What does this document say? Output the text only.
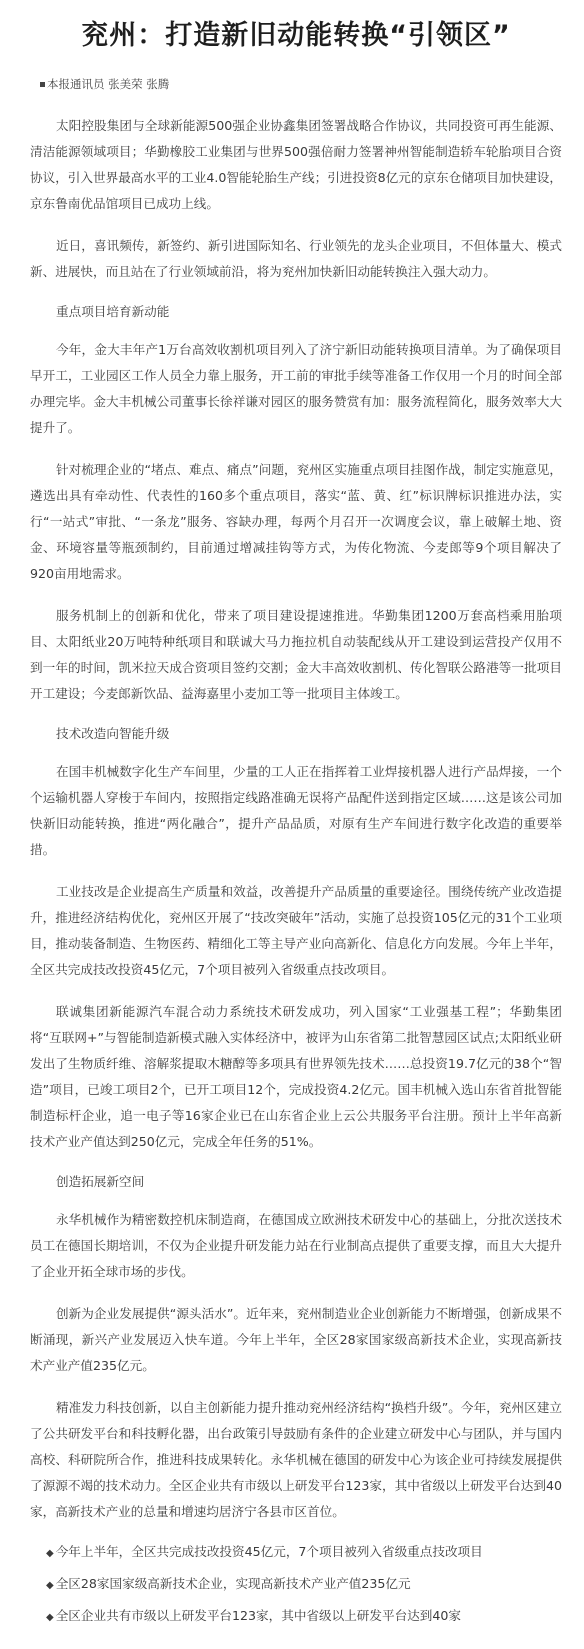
兖州：打造新旧动能转换“引领区”
本报通讯员 张美荣 张腾

太阳控股集团与全球新能源500强企业协鑫集团签署战略合作协议，共同投资可再生能源、清洁能源领域项目；华勤橡胶工业集团与世界500强倍耐力签署神州智能制造轿车轮胎项目合资协议，引入世界最高水平的工业4.0智能轮胎生产线；引进投资8亿元的京东仓储项目加快建设，京东鲁南优品馆项目已成功上线。

近日，喜讯频传，新签约、新引进国际知名、行业领先的龙头企业项目，不但体量大、模式新、进展快，而且站在了行业领域前沿，将为兖州加快新旧动能转换注入强大动力。

重点项目培育新动能

今年，金大丰年产1万台高效收割机项目列入了济宁新旧动能转换项目清单。为了确保项目早开工，工业园区工作人员全力靠上服务，开工前的审批手续等准备工作仅用一个月的时间全部办理完毕。金大丰机械公司董事长徐祥谦对园区的服务赞赏有加：服务流程简化，服务效率大大提升了。

针对梳理企业的“堵点、难点、痛点”问题，兖州区实施重点项目挂图作战，制定实施意见，遴选出具有牵动性、代表性的160多个重点项目，落实“蓝、黄、红”标识牌标识推进办法，实行“一站式”审批、“一条龙”服务、容缺办理，每两个月召开一次调度会议，靠上破解土地、资金、环境容量等瓶颈制约，目前通过增减挂钩等方式，为传化物流、今麦郎等9个项目解决了920亩用地需求。

服务机制上的创新和优化，带来了项目建设提速推进。华勤集团1200万套高档乘用胎项目、太阳纸业20万吨特种纸项目和联诚大马力拖拉机自动装配线从开工建设到运营投产仅用不到一年的时间，凯米拉天成合资项目签约交割；金大丰高效收割机、传化智联公路港等一批项目开工建设；今麦郎新饮品、益海嘉里小麦加工等一批项目主体竣工。

技术改造向智能升级

在国丰机械数字化生产车间里，少量的工人正在指挥着工业焊接机器人进行产品焊接，一个个运输机器人穿梭于车间内，按照指定线路准确无误将产品配件送到指定区域……这是该公司加快新旧动能转换，推进“两化融合”，提升产品品质，对原有生产车间进行数字化改造的重要举措。

工业技改是企业提高生产质量和效益，改善提升产品质量的重要途径。围绕传统产业改造提升，推进经济结构优化，兖州区开展了“技改突破年”活动，实施了总投资105亿元的31个工业项目，推动装备制造、生物医药、精细化工等主导产业向高新化、信息化方向发展。今年上半年，全区共完成技改投资45亿元，7个项目被列入省级重点技改项目。

联诚集团新能源汽车混合动力系统技术研发成功，列入国家“工业强基工程”；华勤集团将“互联网+”与智能制造新模式融入实体经济中，被评为山东省第二批智慧园区试点;太阳纸业研发出了生物质纤维、溶解浆提取木糖醇等多项具有世界领先技术……总投资19.7亿元的38个“智造”项目，已竣工项目2个，已开工项目12个，完成投资4.2亿元。国丰机械入选山东省首批智能制造标杆企业，追一电子等16家企业已在山东省企业上云公共服务平台注册。预计上半年高新技术产业产值达到250亿元，完成全年任务的51%。

创造拓展新空间

永华机械作为精密数控机床制造商，在德国成立欧洲技术研发中心的基础上，分批次送技术员工在德国长期培训，不仅为企业提升研发能力站在行业制高点提供了重要支撑，而且大大提升了企业开拓全球市场的步伐。

创新为企业发展提供“源头活水”。近年来，兖州制造业企业创新能力不断增强，创新成果不断涌现，新兴产业发展迈入快车道。今年上半年，全区28家国家级高新技术企业，实现高新技术产业产值235亿元。

精准发力科技创新，以自主创新能力提升推动兖州经济结构“换档升级”。今年，兖州区建立了公共研发平台和科技孵化器，出台政策引导鼓励有条件的企业建立研发中心与团队，并与国内高校、科研院所合作，推进科技成果转化。永华机械在德国的研发中心为该企业可持续发展提供了源源不竭的技术动力。全区企业共有市级以上研发平台123家，其中省级以上研发平台达到40家，高新技术产业的总量和增速均居济宁各县市区首位。

◆ 今年上半年，全区共完成技改投资45亿元，7个项目被列入省级重点技改项目

◆ 全区28家国家级高新技术企业，实现高新技术产业产值235亿元

◆ 全区企业共有市级以上研发平台123家，其中省级以上研发平台达到40家
